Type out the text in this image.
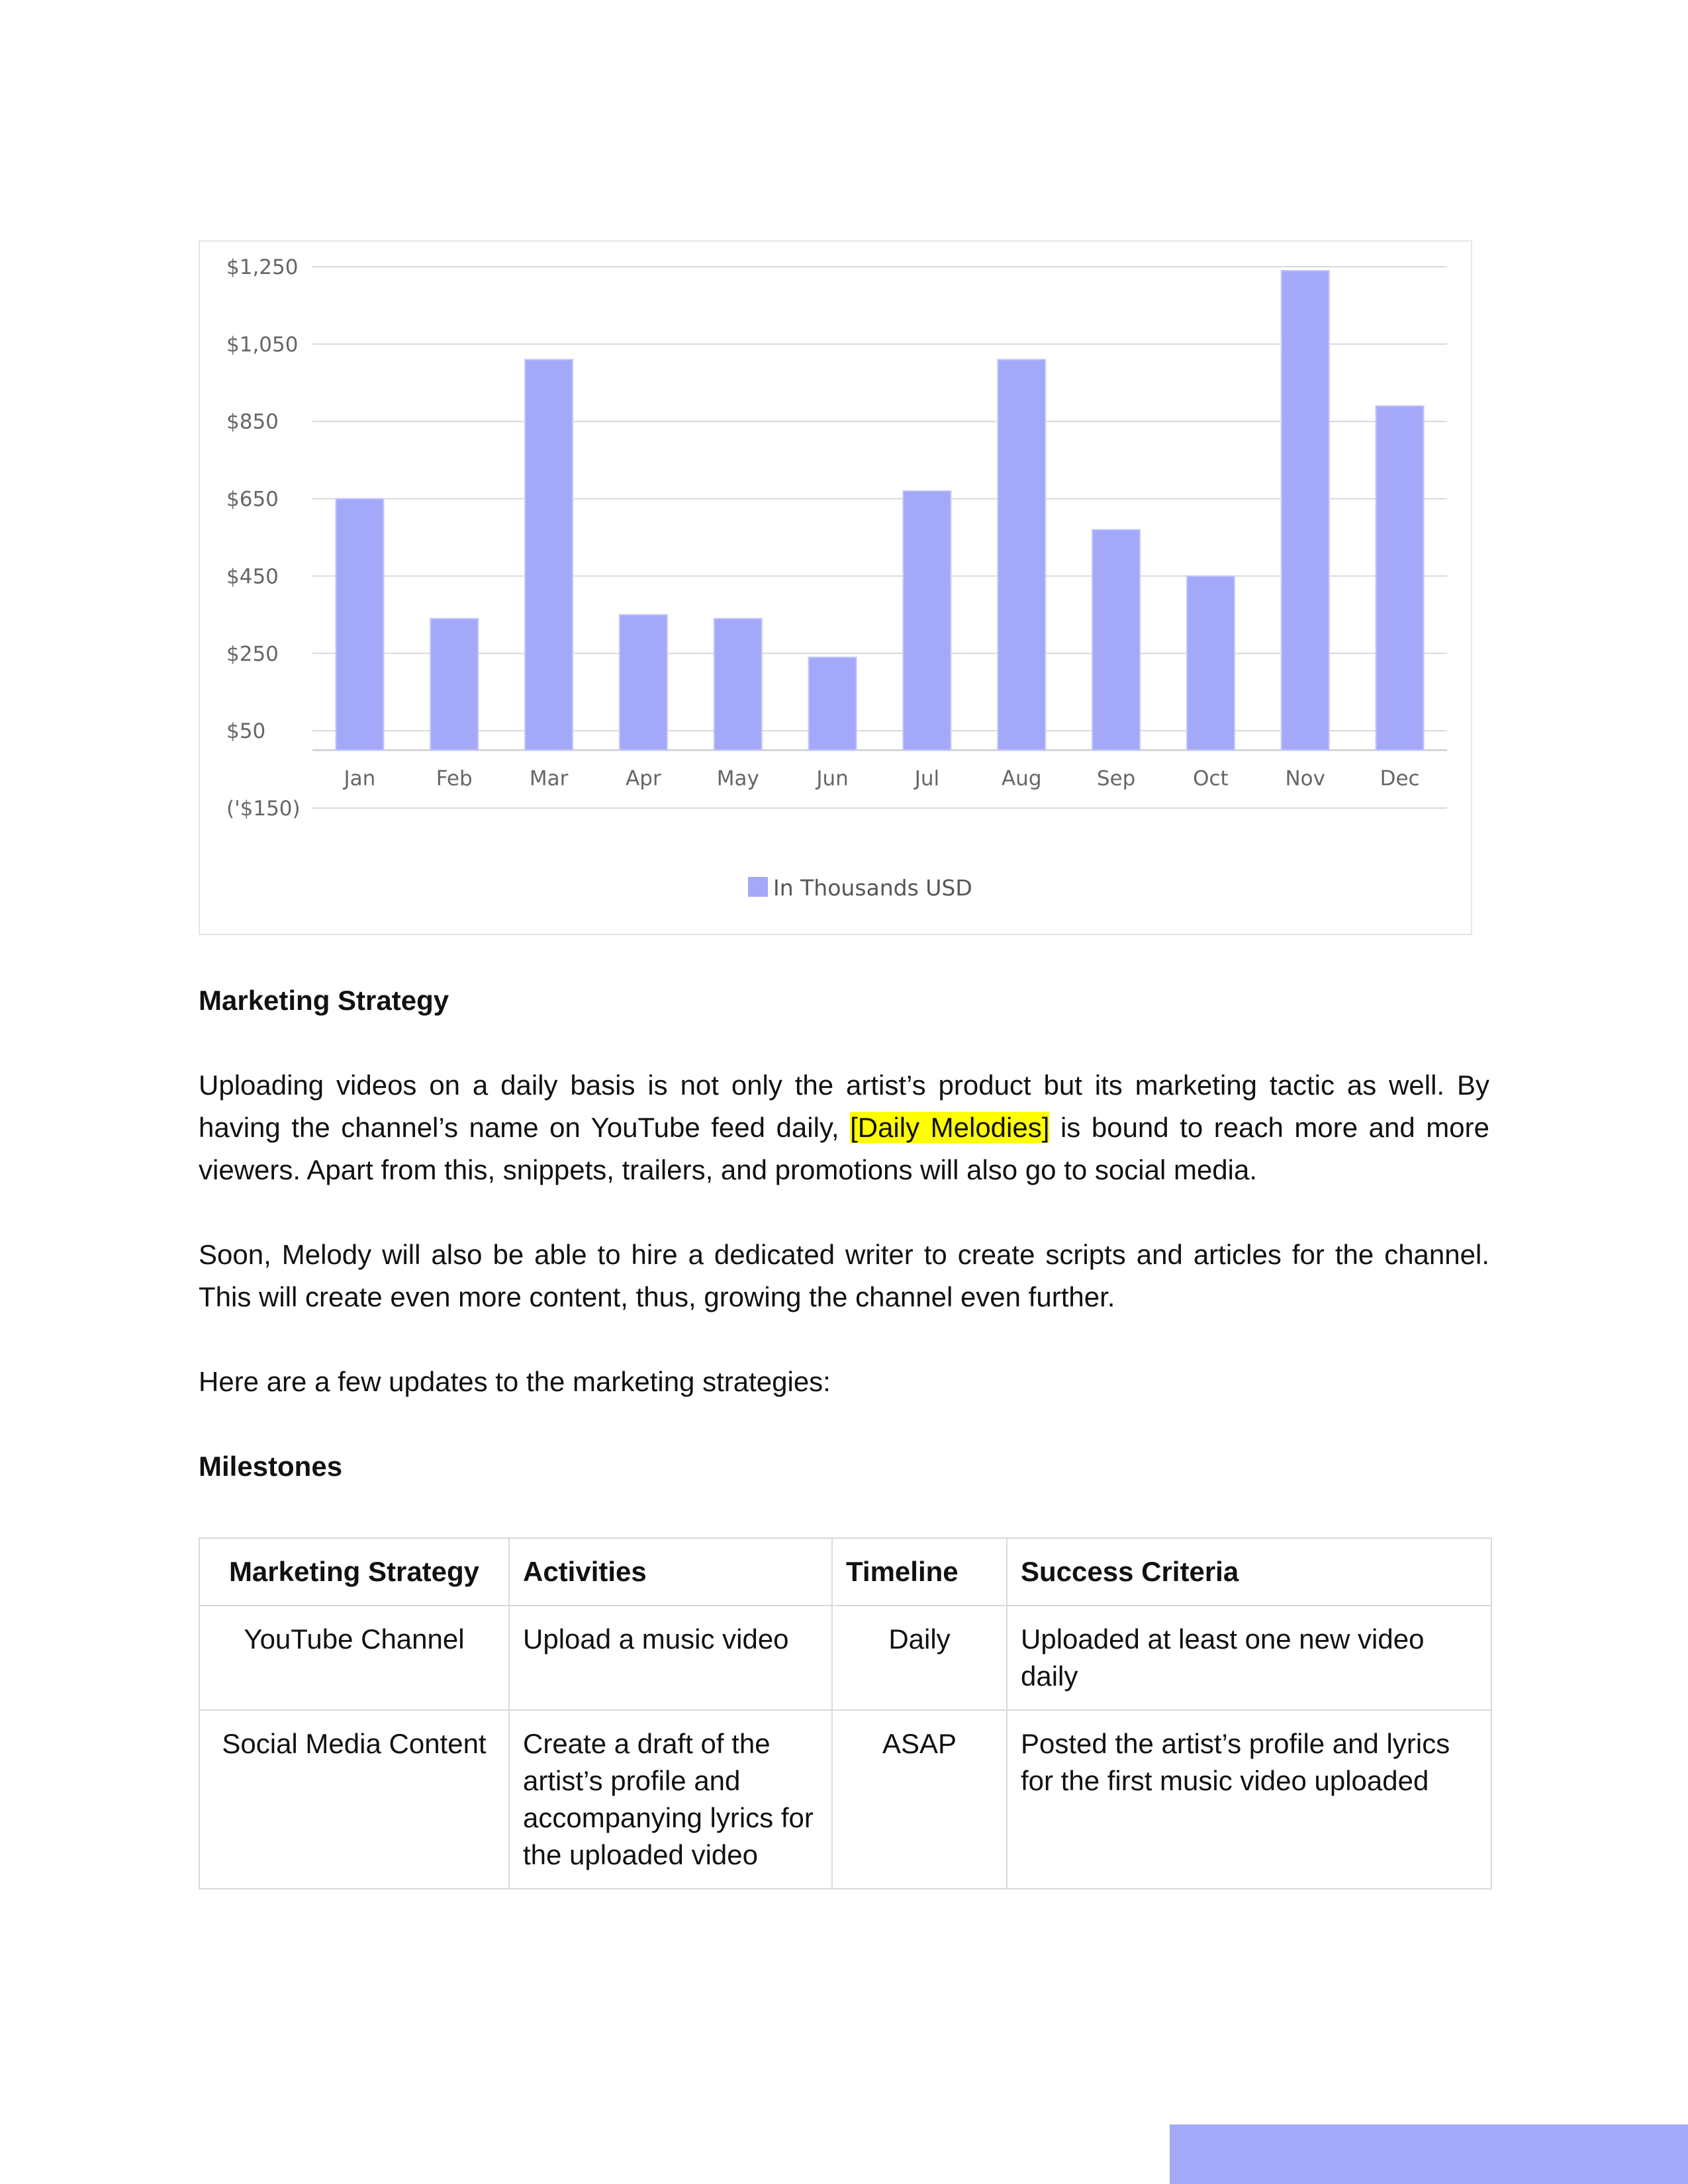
$1,250
$1,050
$850
$650
$450
$250
$50
('$150)
Jan	Feb	Mar	Apr	May	Jun	Jul	Aug	Sep	Oct	Nov	Dec
In Thousands USD

Marketing Strategy

Uploading videos on a daily basis is not only the artist’s product but its marketing tactic as well. By having the channel’s name on YouTube feed daily, [Daily Melodies] is bound to reach more and more viewers. Apart from this, snippets, trailers, and promotions will also go to social media.

Soon, Melody will also be able to hire a dedicated writer to create scripts and articles for the channel. This will create even more content, thus, growing the channel even further.

Here are a few updates to the marketing strategies:

Milestones

Marketing Strategy	Activities	Timeline	Success Criteria
YouTube Channel	Upload a music video	Daily	Uploaded at least one new video daily
Social Media Content	Create a draft of the artist’s profile and accompanying lyrics for the uploaded video	ASAP	Posted the artist’s profile and lyrics for the first music video uploaded
